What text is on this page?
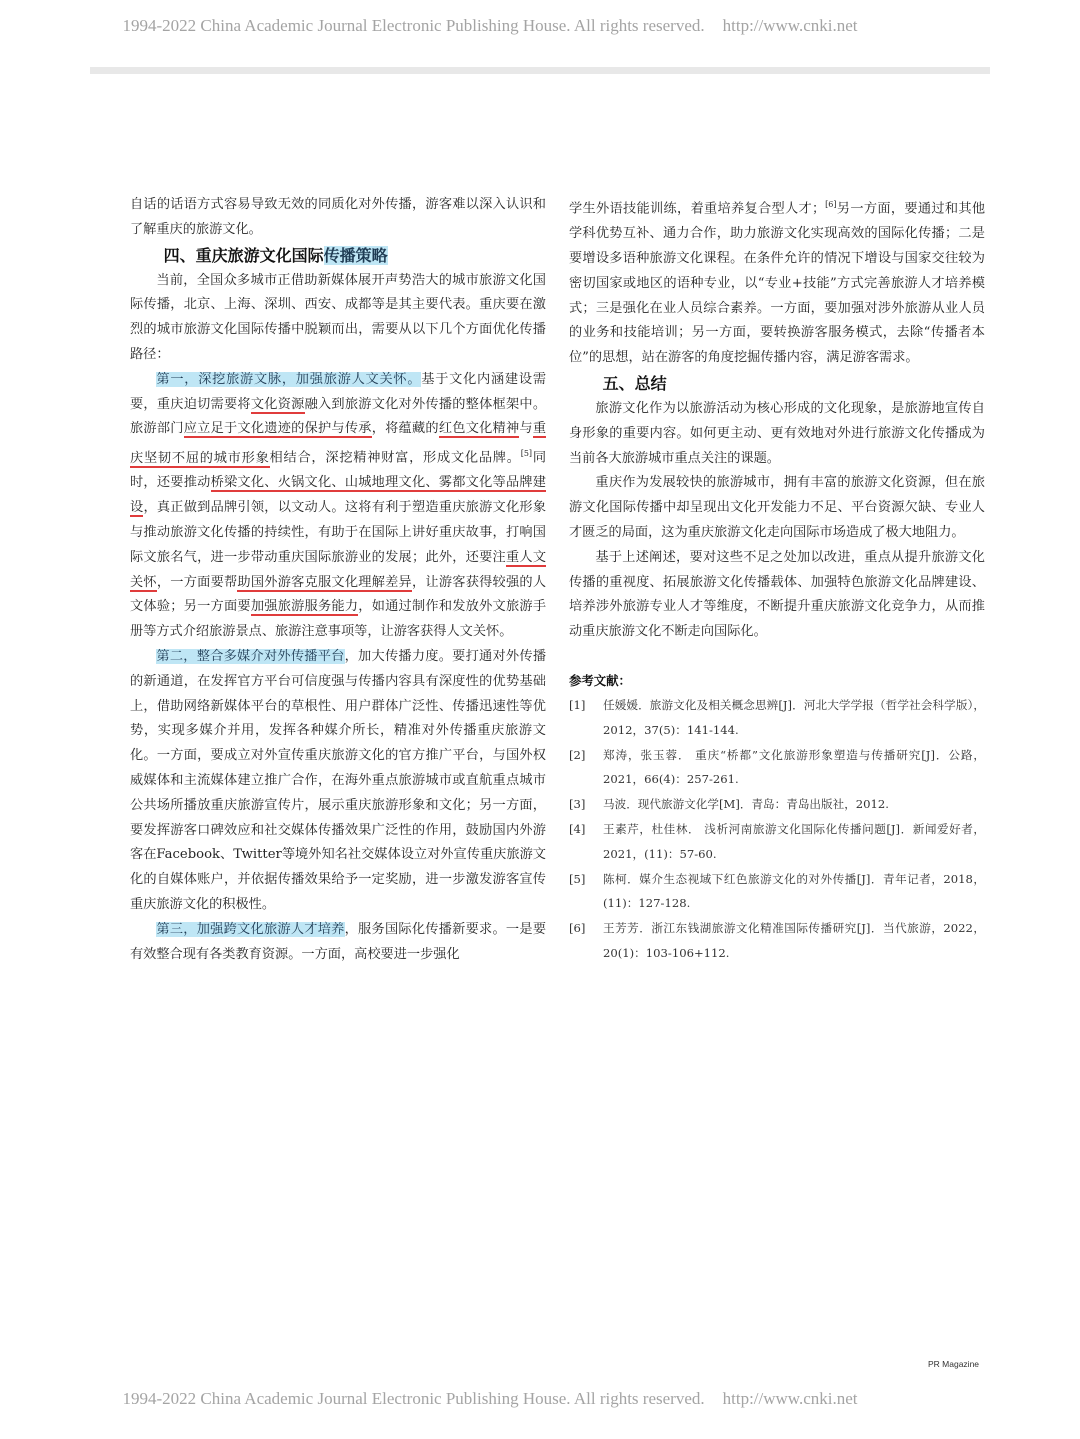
1994-2022 China Academic Journal Electronic Publishing House. All rights reserved. http://www.cnki.net

自话的话语方式容易导致无效的同质化对外传播，游客难以深入认识和了解重庆的旅游文化。

四、重庆旅游文化国际传播策略

当前，全国众多城市正借助新媒体展开声势浩大的城市旅游文化国际传播，北京、上海、深圳、西安、成都等是其主要代表。重庆要在激烈的城市旅游文化国际传播中脱颖而出，需要从以下几个方面优化传播路径：

第一，深挖旅游文脉，加强旅游人文关怀。基于文化内涵建设需要，重庆迫切需要将文化资源融入到旅游文化对外传播的整体框架中。旅游部门应立足于文化遗迹的保护与传承，将蕴藏的红色文化精神与重庆坚韧不屈的城市形象相结合，深挖精神财富，形成文化品牌。[5]同时，还要推动桥梁文化、火锅文化、山城地理文化、雾都文化等品牌建设，真正做到品牌引领，以文动人。这将有利于塑造重庆旅游文化形象与推动旅游文化传播的持续性，有助于在国际上讲好重庆故事，打响国际文旅名气，进一步带动重庆国际旅游业的发展；此外，还要注重人文关怀，一方面要帮助国外游客克服文化理解差异，让游客获得较强的人文体验；另一方面要加强旅游服务能力，如通过制作和发放外文旅游手册等方式介绍旅游景点、旅游注意事项等，让游客获得人文关怀。

第二，整合多媒介对外传播平台，加大传播力度。要打通对外传播的新通道，在发挥官方平台可信度强与传播内容具有深度性的优势基础上，借助网络新媒体平台的草根性、用户群体广泛性、传播迅速性等优势，实现多媒介并用，发挥各种媒介所长，精准对外传播重庆旅游文化。一方面，要成立对外宣传重庆旅游文化的官方推广平台，与国外权威媒体和主流媒体建立推广合作，在海外重点旅游城市或直航重点城市公共场所播放重庆旅游宣传片，展示重庆旅游形象和文化；另一方面，要发挥游客口碑效应和社交媒体传播效果广泛性的作用，鼓励国内外游客在Facebook、Twitter等境外知名社交媒体设立对外宣传重庆旅游文化的自媒体账户，并依据传播效果给予一定奖励，进一步激发游客宣传重庆旅游文化的积极性。

第三，加强跨文化旅游人才培养，服务国际化传播新要求。一是要有效整合现有各类教育资源。一方面，高校要进一步强化

学生外语技能训练，着重培养复合型人才；[6]另一方面，要通过和其他学科优势互补、通力合作，助力旅游文化实现高效的国际化传播；二是要增设多语种旅游文化课程。在条件允许的情况下增设与国家交往较为密切国家或地区的语种专业，以“专业+技能”方式完善旅游人才培养模式；三是强化在业人员综合素养。一方面，要加强对涉外旅游从业人员的业务和技能培训；另一方面，要转换游客服务模式，去除“传播者本位”的思想，站在游客的角度挖掘传播内容，满足游客需求。

五、总结

旅游文化作为以旅游活动为核心形成的文化现象，是旅游地宣传自身形象的重要内容。如何更主动、更有效地对外进行旅游文化传播成为当前各大旅游城市重点关注的课题。

重庆作为发展较快的旅游城市，拥有丰富的旅游文化资源，但在旅游文化国际传播中却呈现出文化开发能力不足、平台资源欠缺、专业人才匮乏的局面，这为重庆旅游文化走向国际市场造成了极大地阻力。

基于上述阐述，要对这些不足之处加以改进，重点从提升旅游文化传播的重视度、拓展旅游文化传播载体、加强特色旅游文化品牌建设、培养涉外旅游专业人才等维度，不断提升重庆旅游文化竞争力，从而推动重庆旅游文化不断走向国际化。

参考文献：
[1]	任媛媛．旅游文化及相关概念思辨[J]．河北大学学报（哲学社会科学版），2012，37(5)：141-144.
[2]	郑涛，张玉蓉． 重庆“桥都”文化旅游形象塑造与传播研究[J]．公路，2021，66(4)：257-261.
[3]	马波．现代旅游文化学[M]．青岛：青岛出版社，2012.
[4]	王素芹，杜佳林． 浅析河南旅游文化国际化传播问题[J]．新闻爱好者，2021，(11)：57-60.
[5]	陈柯．媒介生态视域下红色旅游文化的对外传播[J]．青年记者，2018，(11)：127-128.
[6]	王芳芳．浙江东钱湖旅游文化精准国际传播研究[J]．当代旅游，2022，20(1)：103-106+112.
PR Magazine
1994-2022 China Academic Journal Electronic Publishing House. All rights reserved. http://www.cnki.net
